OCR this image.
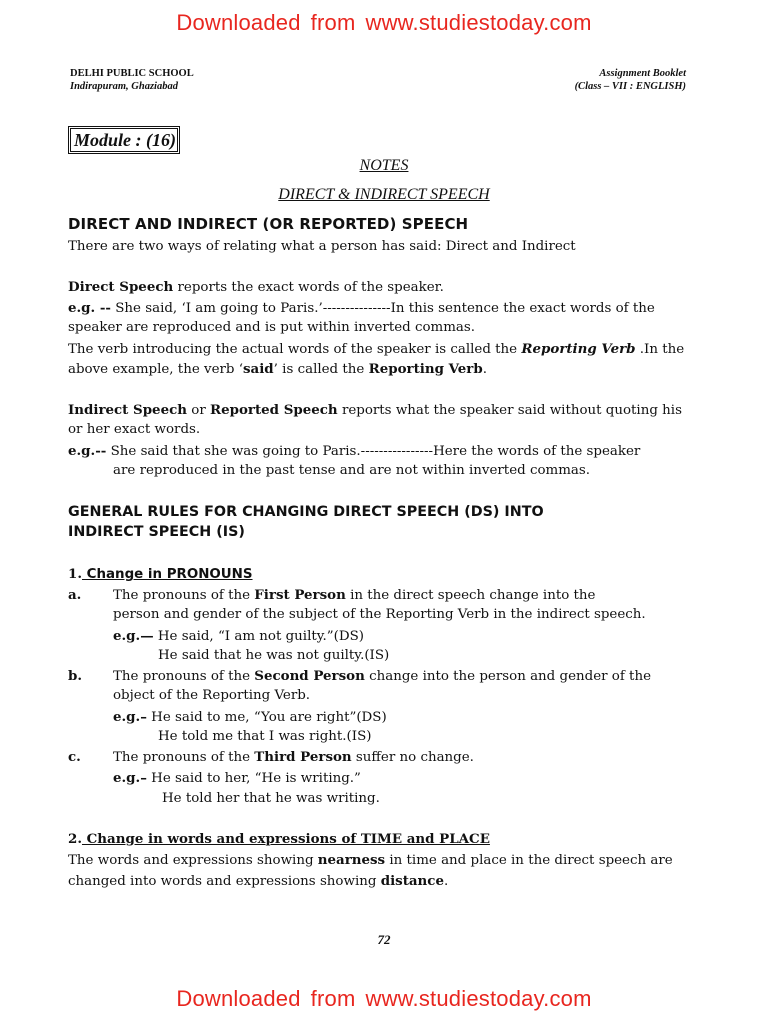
Downloaded from www.studiestoday.com
DELHI PUBLIC SCHOOL
Indirapuram, Ghaziabad
Assignment Booklet
(Class – VII : ENGLISH)
Module : (16)
NOTES
DIRECT & INDIRECT SPEECH
DIRECT AND INDIRECT (OR REPORTED) SPEECH
There are two ways of relating what a person has said: Direct and Indirect
Direct Speech reports the exact words of the speaker.
e.g. -- She said, ‘I am going to Paris.’---------------In this sentence the exact words of the
speaker are reproduced and is put within inverted commas.
The verb introducing the actual words of the speaker is called the Reporting Verb .In the
above example, the verb ‘said’ is called the Reporting Verb.
Indirect Speech or Reported Speech reports what the speaker said without quoting his
or her exact words.
e.g.-- She said that she was going to Paris.----------------Here the words of the speaker
are reproduced in the past tense and are not within inverted commas.
GENERAL RULES FOR CHANGING DIRECT SPEECH (DS) INTO
INDIRECT SPEECH (IS)
1. Change in PRONOUNS
a. The pronouns of the First Person in the direct speech change into the
person and gender of the subject of the Reporting Verb in the indirect speech.
e.g.— He said, “I am not guilty.”(DS)
He said that he was not guilty.(IS)
b. The pronouns of the Second Person change into the person and gender of the
object of the Reporting Verb.
e.g.– He said to me, “You are right”(DS)
He told me that I was right.(IS)
c. The pronouns of the Third Person suffer no change.
e.g.– He said to her, “He is writing.”
He told her that he was writing.
2. Change in words and expressions of TIME and PLACE
The words and expressions showing nearness in time and place in the direct speech are
changed into words and expressions showing distance.
72
Downloaded from www.studiestoday.com
